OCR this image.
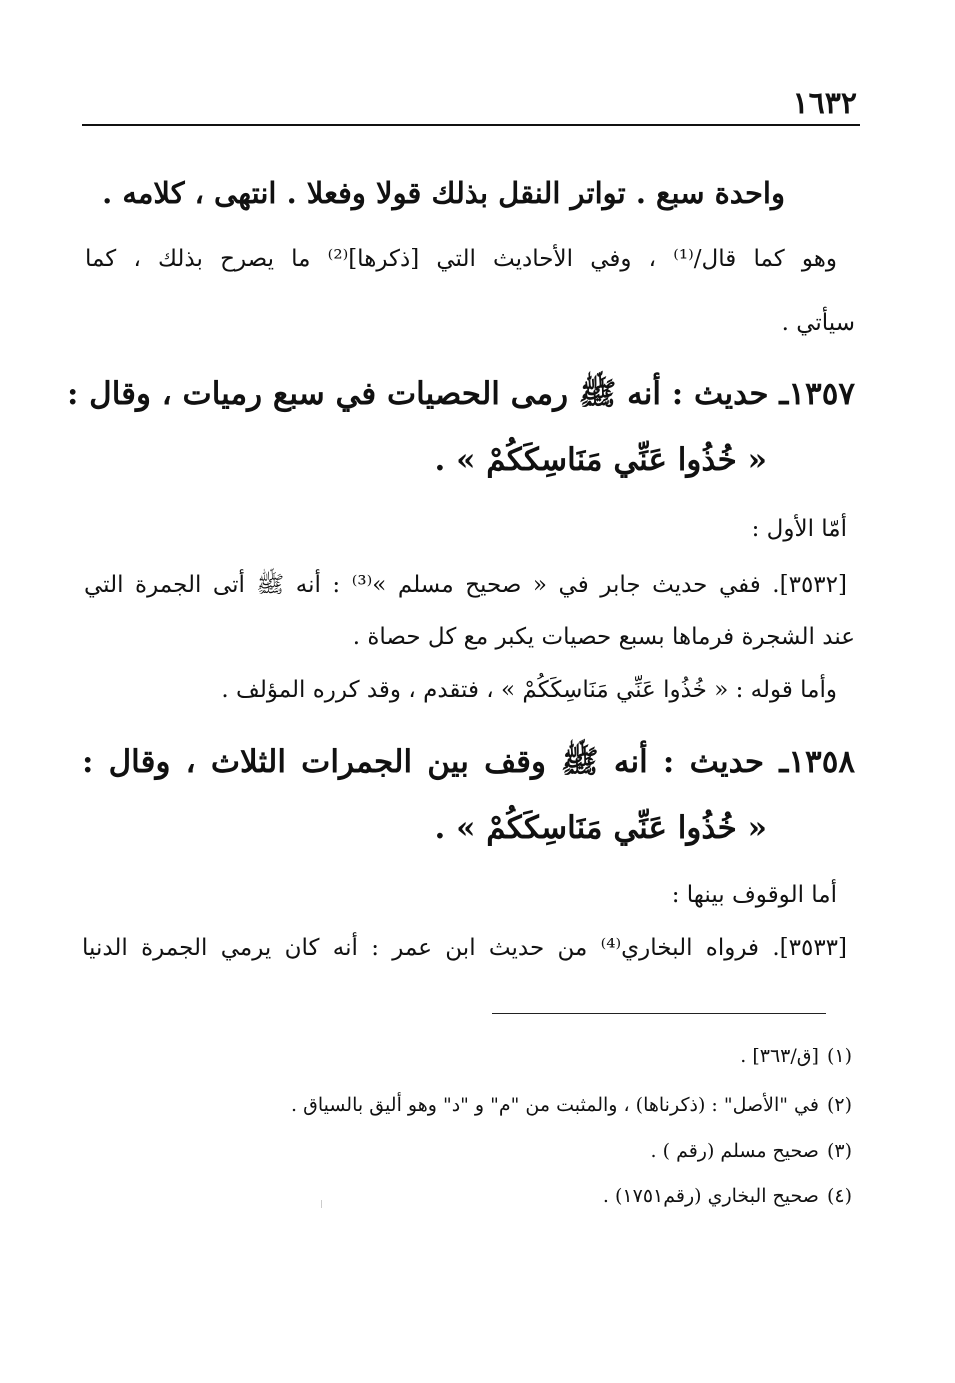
١٦٣٢
واحدة سبع . تواتر النقل بذلك قولا وفعلا . انتهى ، كلامه .
وهو كما قال/⁽¹⁾ ، وفي الأحاديث التي [ذكرها]⁽²⁾ ما يصرح بذلك ، كما
سيأتي .
١٣٥٧ـ حديث : أنه ﷺ رمى الحصيات في سبع رميات ، وقال :
« خُذُوا عَنِّي مَنَاسِكَكُمْ » .
أمّا الأول :
[٣٥٣٢]. ففي حديث جابر في « صحيح مسلم »⁽³⁾ : أنه ﷺ أتى الجمرة التي
عند الشجرة فرماها بسبع حصيات يكبر مع كل حصاة .
وأما قوله : « خُذُوا عَنِّي مَنَاسِكَكُمْ » ، فتقدم ، وقد كرره المؤلف .
١٣٥٨ـ حديث : أنه ﷺ وقف بين الجمرات الثلاث ، وقال :
« خُذُوا عَنِّي مَنَاسِكَكُمْ » .
أما الوقوف بينها :
[٣٥٣٣]. فرواه البخاري⁽⁴⁾ من حديث ابن عمر : أنه كان يرمي الجمرة الدنيا
(١)[ق/٣٦٣] .
(٢)في "الأصل" : (ذكرناها) ، والمثبت من "م" و "د" وهو أليق بالسياق .
(٣)صحيح مسلم (رقم ) .
(٤)صحيح البخاري (رقم١٧٥١) .
